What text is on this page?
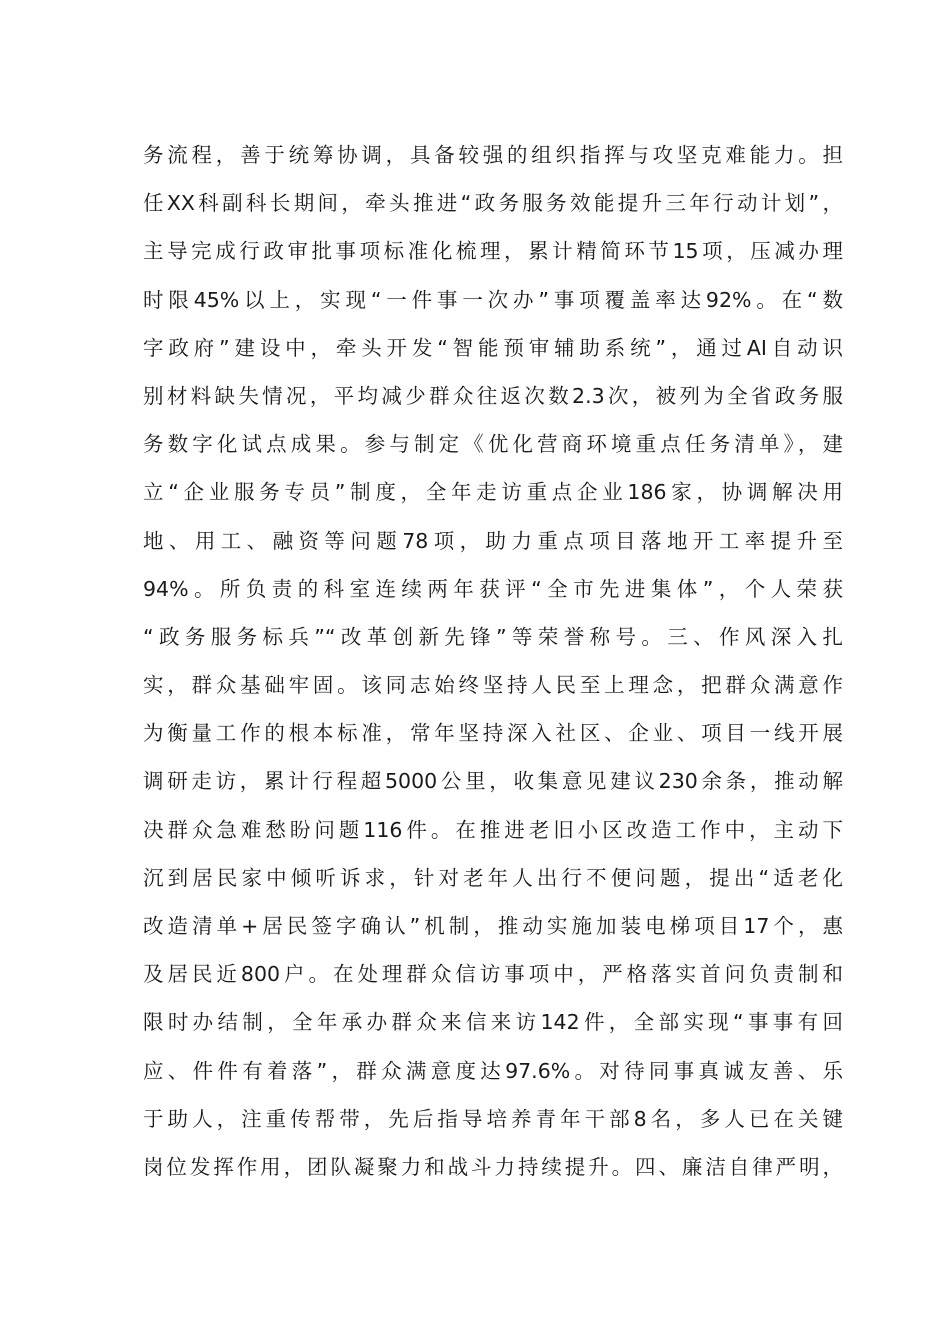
务流程，善于统筹协调，具备较强的组织指挥与攻坚克难能力。担
任XX科副科长期间，牵头推进“政务服务效能提升三年行动计划”，
主导完成行政审批事项标准化梳理，累计精简环节15项，压减办理
时限45%以上，实现“一件事一次办”事项覆盖率达92%。在“数
字政府”建设中，牵头开发“智能预审辅助系统”，通过AI自动识
别材料缺失情况，平均减少群众往返次数2.3次，被列为全省政务服
务数字化试点成果。参与制定《优化营商环境重点任务清单》，建
立“企业服务专员”制度，全年走访重点企业186家，协调解决用
地、用工、融资等问题78项，助力重点项目落地开工率提升至
94%。所负责的科室连续两年获评“全市先进集体”，个人荣获
“政务服务标兵”“改革创新先锋”等荣誉称号。三、作风深入扎
实，群众基础牢固。该同志始终坚持人民至上理念，把群众满意作
为衡量工作的根本标准，常年坚持深入社区、企业、项目一线开展
调研走访，累计行程超5000公里，收集意见建议230余条，推动解
决群众急难愁盼问题116件。在推进老旧小区改造工作中，主动下
沉到居民家中倾听诉求，针对老年人出行不便问题，提出“适老化
改造清单+居民签字确认”机制，推动实施加装电梯项目17个，惠
及居民近800户。在处理群众信访事项中，严格落实首问负责制和
限时办结制，全年承办群众来信来访142件，全部实现“事事有回
应、件件有着落”，群众满意度达97.6%。对待同事真诚友善、乐
于助人，注重传帮带，先后指导培养青年干部8名，多人已在关键
岗位发挥作用，团队凝聚力和战斗力持续提升。四、廉洁自律严明，
